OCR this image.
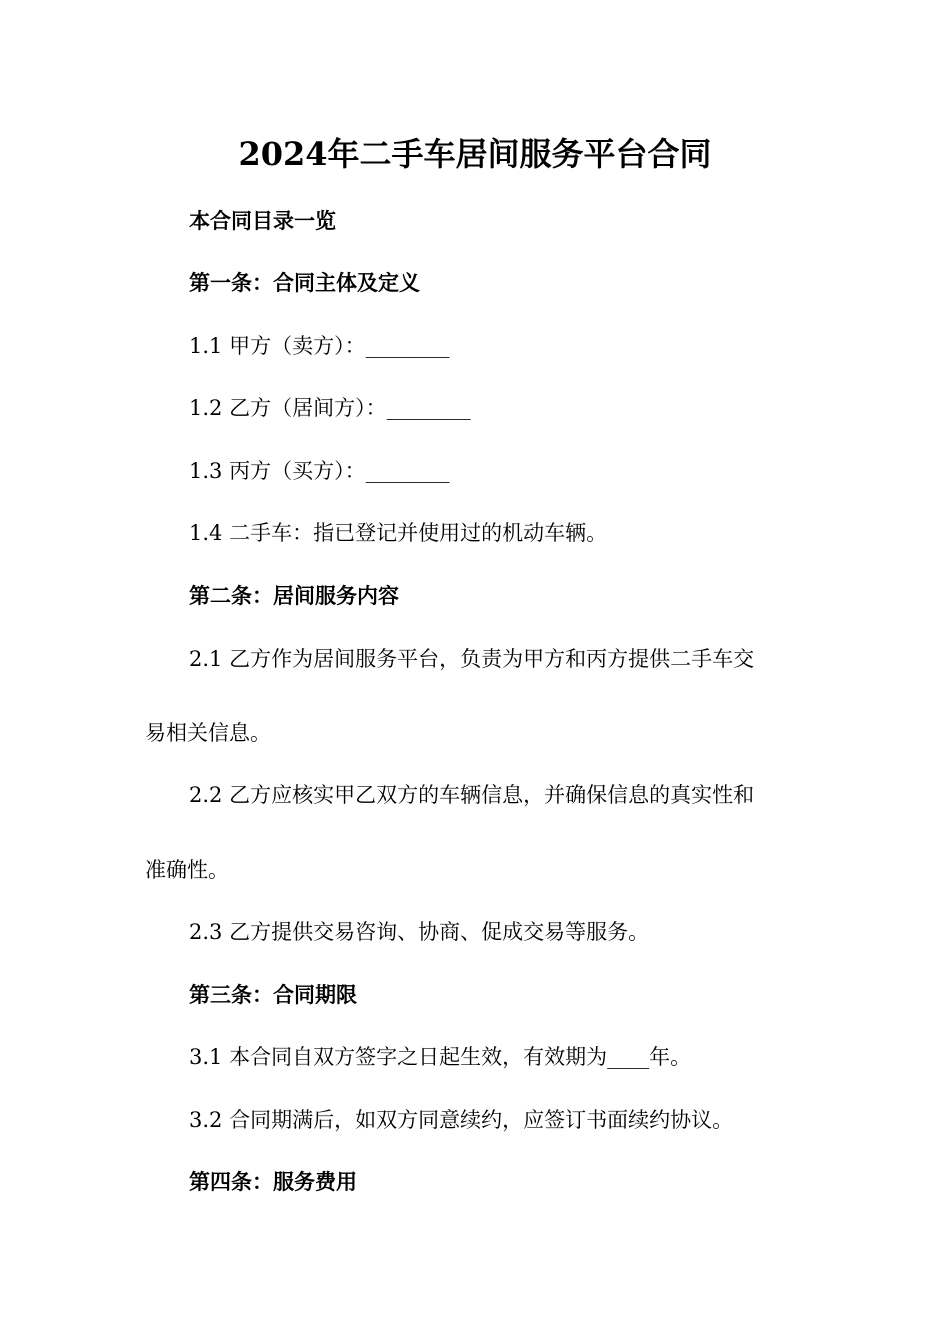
2024年二手车居间服务平台合同
本合同目录一览
第一条：合同主体及定义
1.1 甲方（卖方）：________
1.2 乙方（居间方）：________
1.3 丙方（买方）：________
1.4 二手车：指已登记并使用过的机动车辆。
第二条：居间服务内容
2.1 乙方作为居间服务平台，负责为甲方和丙方提供二手车交
易相关信息。
2.2 乙方应核实甲乙双方的车辆信息，并确保信息的真实性和
准确性。
2.3 乙方提供交易咨询、协商、促成交易等服务。
第三条：合同期限
3.1 本合同自双方签字之日起生效，有效期为____年。
3.2 合同期满后，如双方同意续约，应签订书面续约协议。
第四条：服务费用
